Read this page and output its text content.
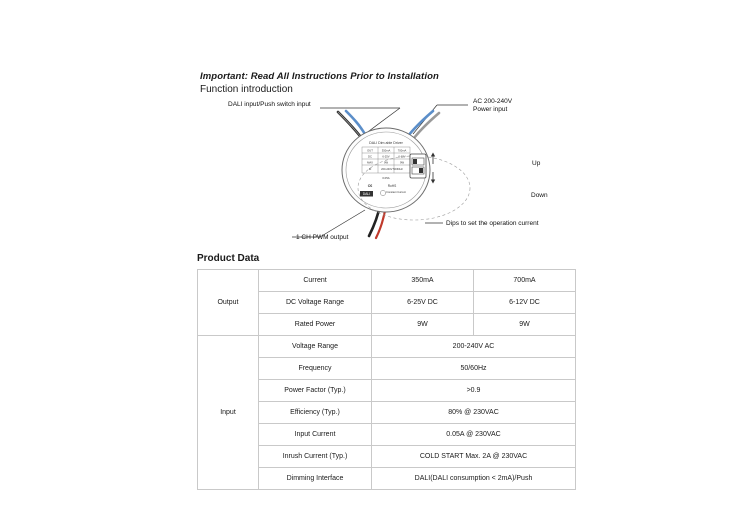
Important: Read All Instructions Prior to Installation
Function introduction
DALI Dim able Driver
OUT	350mA	700mA
DC	6-25V	6-12V
MAX	9W	9W
IN	200-240V 50/60Hz
0.05A
C€	RoHS
DALI	Constant Current
DALI input/Push switch input	AC 200-240V
Power input
1 CH PWM output
Dips to set the operation current
Up
Down
Product Data
Output	Current	350mA	700mA
	DC Voltage Range	6-25V DC	6-12V DC
	Rated Power	9W	9W
Input	Voltage Range	200-240V AC	
	Frequency	50/60Hz	
	Power Factor (Typ.)	>0.9	
	Efficiency (Typ.)	80% @ 230VAC	
	Input Current	0.05A @ 230VAC	
	Inrush Current (Typ.)	COLD START Max. 2A @ 230VAC	
	Dimming Interface	DALI(DALI consumption < 2mA)/Push	
